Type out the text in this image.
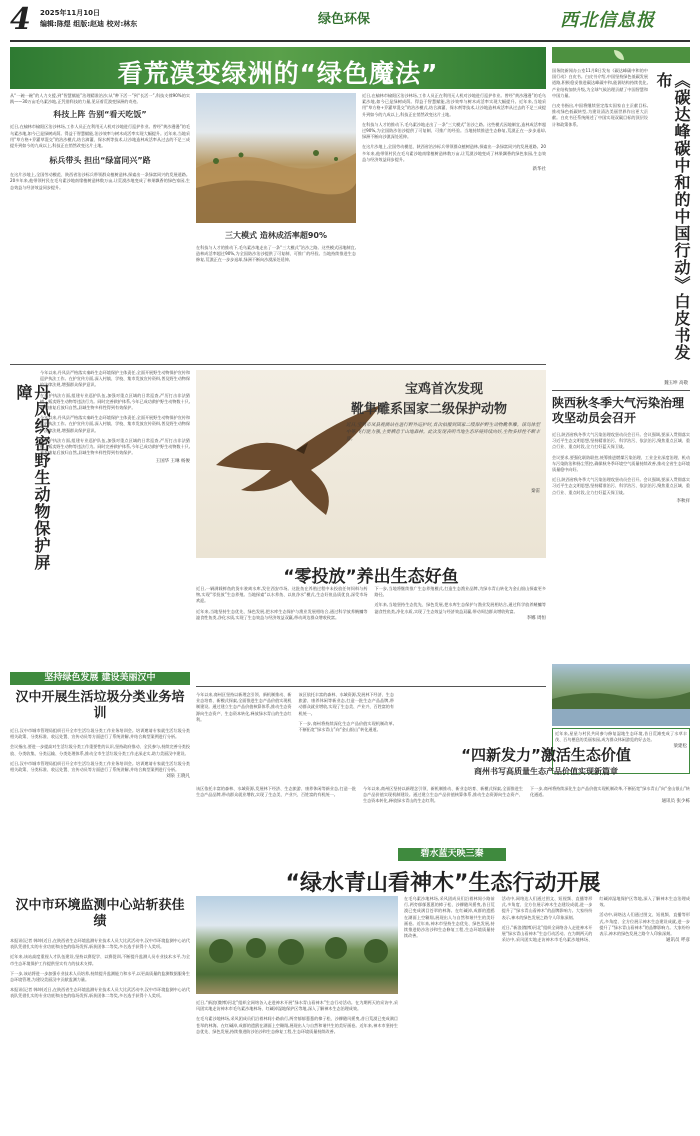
4 2025年11月10日
编辑:陈煜 组版:赵迪 校对:林东	绿色环保	西北信息报
看荒漠变绿洲的“绿色魔法”
从“一碗一碗”的人力支援,到“智慧赋能”治理精准治沙;从“种下活一”到“长活一”,科技支撑90%的实践——30万亩毛乌素沙地,正凭借科技的力量,见证着荒漠变绿洲的奇迹。
科技上阵 告别“看天吃饭”
近日,在榆林市榆阳区治沙林场,工作人员正在利用无人机对沙地进行巡护作业。曾经“黄沙漫漫”的毛乌素沙地,如今已是绿树成荫。得益于智慧赋能,治沙效率与树木成活率实现大幅提升。近年来,当地采用“草方格+乔灌草混交”的治沙模式,结合滴灌、保水剂等技术,让沙地造林成活率从过去的不足三成提升到如今的九成以上,科技正在悄然改变这片土地。
标兵带头 担出“绿富同兴”路
在这片沙地上,全国劳动模范、陕西省治沙标兵带领群众植树造林,探索出一条绿富同兴的发展道路。20多年来,他带领村民在毛乌素沙地南缘植树造林数万亩,让荒漠沙地变成了林果飘香的绿色家园,生态效益与经济效益同步提升。
三大模式 造林成活率超90%
在科技与人才的推动下,毛乌素沙地走出了一条“三大模式”治沙之路。这些模式因地制宜,造林成活率超过90%,为全国防沙治沙提供了可复制、可推广的经验。当地持续推进生态修复,荒漠正在一步步退却,绿洲不断向沙漠深处延伸。
近日,在榆林市榆阳区治沙林场,工作人员正在利用无人机对沙地进行巡护作业。曾经“黄沙漫漫”的毛乌素沙地,如今已是绿树成荫。得益于智慧赋能,治沙效率与树木成活率实现大幅提升。近年来,当地采用“草方格+乔灌草混交”的治沙模式,结合滴灌、保水剂等技术,让沙地造林成活率从过去的不足三成提升到如今的九成以上,科技正在悄然改变这片土地。
在科技与人才的推动下,毛乌素沙地走出了一条“三大模式”治沙之路。这些模式因地制宜,造林成活率超过90%,为全国防沙治沙提供了可复制、可推广的经验。当地持续推进生态修复,荒漠正在一步步退却,绿洲不断向沙漠深处延伸。
在这片沙地上,全国劳动模范、陕西省治沙标兵带领群众植树造林,探索出一条绿富同兴的发展道路。20多年来,他带领村民在毛乌素沙地南缘植树造林数万亩,让荒漠沙地变成了林果飘香的绿色家园,生态效益与经济效益同步提升。
新华社
国务院新闻办公室11月8日发布《碳达峰碳中和的中国行动》白皮书。白皮书介绍,中国坚持绿色低碳发展道路,积极稳妥推进碳达峰碳中和,能源结构持续优化,产业结构加快升级,为全球气候治理贡献了中国智慧和中国力量。
白皮书指出,中国将继续坚定落实国家自主贡献目标,推动绿色低碳转型,为建设清洁美丽世界作出更大贡献。白皮书还系统阐述了中国实现双碳目标的顶层设计和政策体系。	《碳达峰碳中和的中国行动》白皮书发布
魏玉坤 高敬
陕西秋冬季大气污染治理攻坚动员会召开
近日,陕西省秋冬季大气污染治理攻坚动员会召开。会议强调,要深入贯彻落实习近平生态文明思想,坚持精准治污、科学治污、依法治污,聚焦重点区域、重点行业、重点时段,全力打好蓝天保卫战。
会议要求,要强化联防联控,统筹推进燃煤污染治理、工业企业深度治理、机动车污染防治和扬尘管控,确保秋冬季环境空气质量持续改善,推动全省生态环境质量稳中向好。
近日,陕西省秋冬季大气污染治理攻坚动员会召开。会议强调,要深入贯彻落实习近平生态文明思想,坚持精准治污、科学治污、依法治污,聚焦重点区域、重点行业、重点时段,全力打好蓝天保卫战。
李秋祥
近年来,星星与村民共同参与修复湿地生态环境,昔日荒滩变成了水草丰茂、百鸟栖息的美丽家园,成为群众休闲游览的好去处。
梁建松
丹凤织密野生动物保护屏障
今年以来,丹凤县严格落实秦岭生态环境保护主体责任,全面开展野生动物保护宣传和巡护执法工作。在护宣传方面,深入村镇、学校、集市发放宣传资料,普及野生动物保护法律法规,增强群众保护意识。
在巡护执法方面,组建专业巡护队伍,加强对重点区域的日常巡查,严厉打击非法猎捕、贩卖野生动物等违法行为。同时完善救护体系,今年已成功救护野生动物数十只,并在康复后放归自然,县域生物多样性得到有效保护。
今年以来,丹凤县严格落实秦岭生态环境保护主体责任,全面开展野生动物保护宣传和巡护执法工作。在护宣传方面,深入村镇、学校、集市发放宣传资料,普及野生动物保护法律法规,增强群众保护意识。
在巡护执法方面,组建专业巡护队伍,加强对重点区域的日常巡查,严厉打击非法猎捕、贩卖野生动物等违法行为。同时完善救护体系,今年已成功救护野生动物数十只,并在康复后放归自然,县域生物多样性得到有效保护。
王国华 王琳 杨俊
宝鸡首次发现
靴隼雕系国家二级保护动物
近日,宝鸡市凤县观测站在进行野外巡护时,首次拍摄到国家二级保护野生动物靴隼雕。该鸟体型中等,飞行能力强,主要栖息于山地森林。此次发现表明当地生态环境持续向好,生物多样性不断丰富。
秦雷
“零投放”养出生态好鱼
近日,一辆满载鲜鱼的货车驶离水库,发往西安市场。这批鱼在养殖过程中未投放任何饲料与药物,实现“零投放”生态养殖。当地探索“以水养鱼、以鱼净水”模式,生态好鱼品质优良,深受市场欢迎。
近年来,当地坚持生态优先、绿色发展,把水库生态保护与渔业发展相结合,通过科学放养鲢鳙等滤食性鱼类,净化水质,实现了生态效益与经济效益双赢,带动周边群众增收致富。
下一步,当地将继续推广生态养殖模式,打造生态渔业品牌,为绿水青山转化为金山银山探索更多路径。
近年来,当地坚持生态优先、绿色发展,把水库生态保护与渔业发展相结合,通过科学放养鲢鳙等滤食性鱼类,净化水质,实现了生态效益与经济效益双赢,带动周边群众增收致富。
李娜 周恒
坚持绿色发展 建设美丽汉中
汉中开展生活垃圾分类业务培训
近日,汉中市城市管理局组织召开全市生活垃圾分类工作业务培训会。培训邀请专家就生活垃圾分类相关政策、分类标准、收运处置、宣传动员等方面进行了系统讲解,并结合典型案例进行分析。
会议指出,要进一步提高对生活垃圾分类工作重要性的认识,坚持政府推动、全民参与,持续完善分类投放、分类收集、分类运输、分类处理体系,推动全市生活垃圾分类工作走深走实,助力美丽汉中建设。
近日,汉中市城市管理局组织召开全市生活垃圾分类工作业务培训会。培训邀请专家就生活垃圾分类相关政策、分类标准、收运处置、宣传动员等方面进行了系统讲解,并结合典型案例进行分析。
刘泉 王晓凡
汉中市环境监测中心站斩获佳绩
本报讯(记者 韩坤)近日,在陕西省生态环境监测专业技术人员大比武活动中,汉中市环境监测中心站代表队凭借扎实的专业功底和出色的临场发挥,斩获团体二等奖,多名选手获得个人奖项。
近年来,该站高度重视人才队伍建设,坚持以赛促学、以赛促训,不断提升监测人员专业技术水平,为全市生态环境保护工作提供坚实有力的技术支撑。
下一步,该站将进一步加强专业技术人员培养,持续提升监测能力和水平,以更高质量的监测数据服务生态环境管理,为建设美丽汉中贡献监测力量。
本报讯(记者 韩坤)近日,在陕西省生态环境监测专业技术人员大比武活动中,汉中市环境监测中心站代表队凭借扎实的专业功底和出色的临场发挥,斩获团体二等奖,多名选手获得个人奖项。
今年以来,商州区坚持以新理念引领、新机制推动、新业态培育、新模式探索,全面推进生态产品价值实现机制建设。通过建立生态产品价值核算体系,推动生态资源向生态资产、生态资本转化,释放绿水青山的生态红利。
该区依托丰富的森林、水域资源,发展林下经济、生态旅游、康养休闲等新业态,打造一批生态产品品牌,带动群众就业增收,实现了生态美、产业兴、百姓富的有机统一。
下一步,商州将持续深化生态产品价值实现机制改革,不断拓宽“绿水青山”向“金山银山”转化通道。
“四新发力”激活生态价值
商州书写高质量生态产品价值实现新篇章
该区依托丰富的森林、水域资源,发展林下经济、生态旅游、康养休闲等新业态,打造一批生态产品品牌,带动群众就业增收,实现了生态美、产业兴、百姓富的有机统一。
今年以来,商州区坚持以新理念引领、新机制推动、新业态培育、新模式探索,全面推进生态产品价值实现机制建设。通过建立生态产品价值核算体系,推动生态资源向生态资产、生态资本转化,释放绿水青山的生态红利。
下一步,商州将持续深化生态产品价值实现机制改革,不断拓宽“绿水青山”向“金山银山”转化通道。
通讯员 张少栋
碧水蓝天映三秦
“绿水青山看神木”生态行动开展
近日,“新浪(微博)河北”组织全网络各入走进神木开展“绿水青山看神木”生态行动活动。在为期两天的采访中,采风团实地走访神木市毛乌素沙地林场、红碱淖湿地保护区等地,深入了解神木生态治理成效。
在毛乌素沙地林场,采风团成员们沿着林间小路前行,两旁郁郁葱葱的樟子松、沙柳随风摇曳,昔日荒漠已变成满目苍翠的林海。在红碱淖,成群的遗鸥在湖面上空翱翔,展现出人与自然和谐共生的美好画卷。近年来,神木市坚持生态优先、绿色发展,持续推进防沙治沙和生态修复工程,生态环境质量持续改善。
在毛乌素沙地林场,采风团成员们沿着林间小路前行,两旁郁郁葱葱的樟子松、沙柳随风摇曳,昔日荒漠已变成满目苍翠的林海。在红碱淖,成群的遗鸥在湖面上空翱翔,展现出人与自然和谐共生的美好画卷。近年来,神木市坚持生态优先、绿色发展,持续推进防沙治沙和生态修复工程,生态环境质量持续改善。
活动中,网络达人们通过图文、短视频、直播等形式,多角度、全方位展示神木生态建设成就,进一步提升了“绿水青山看神木”的品牌影响力。大家纷纷表示,神木的绿色发展之路令人印象深刻。
近日,“新浪(微博)河北”组织全网络各入走进神木开展“绿水青山看神木”生态行动活动。在为期两天的采访中,采风团实地走访神木市毛乌素沙地林场、红碱淖湿地保护区等地,深入了解神木生态治理成效。
活动中,网络达人们通过图文、短视频、直播等形式,多角度、全方位展示神木生态建设成就,进一步提升了“绿水青山看神木”的品牌影响力。大家纷纷表示,神木的绿色发展之路令人印象深刻。
通讯员 呼彦
